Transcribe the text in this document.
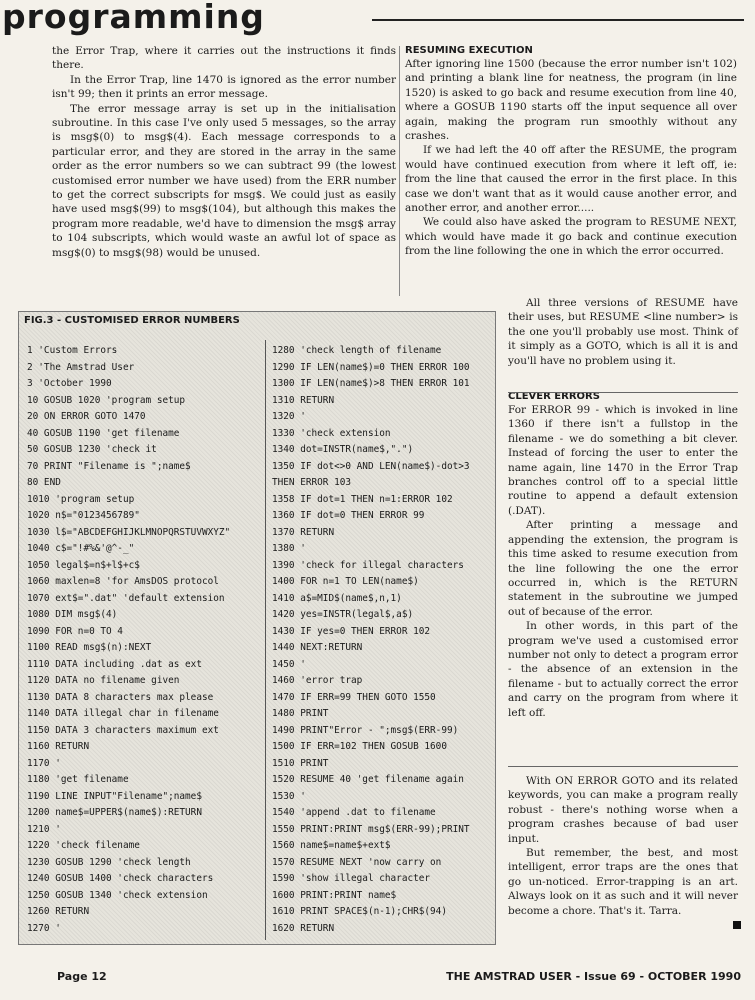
programming

the Error Trap, where it carries out the instructions it finds there.

In the Error Trap, line 1470 is ignored as the error number isn't 99; then it prints an error message.

The error message array is set up in the initialisation subroutine. In this case I've only used 5 messages, so the array is msg$(0) to msg$(4). Each message corresponds to a particular error, and they are stored in the array in the same order as the error numbers so we can subtract 99 (the lowest customised error number we have used) from the ERR number to get the correct subscripts for msg$. We could just as easily have used msg$(99) to msg$(104), but although this makes the program more readable, we'd have to dimension the msg$ array to 104 subscripts, which would waste an awful lot of space as msg$(0) to msg$(98) would be unused.

RESUMING EXECUTION

After ignoring line 1500 (because the error number isn't 102) and printing a blank line for neatness, the program (in line 1520) is asked to go back and resume execution from line 40, where a GOSUB 1190 starts off the input sequence all over again, making the program run smoothly without any crashes.

If we had left the 40 off after the RESUME, the program would have continued execution from where it left off, ie: from the line that caused the error in the first place. In this case we don't want that as it would cause another error, and another error, and another error.....

We could also have asked the program to RESUME NEXT, which would have made it go back and continue execution from the line following the one in which the error occurred.

All three versions of RESUME have their uses, but RESUME <line number> is the one you'll probably use most. Think of it simply as a GOTO, which is all it is and you'll have no problem using it.

CLEVER ERRORS

For ERROR 99 - which is invoked in line 1360 if there isn't a fullstop in the filename - we do something a bit clever. Instead of forcing the user to enter the name again, line 1470 in the Error Trap branches control off to a special little routine to append a default extension (.DAT).

After printing a message and appending the extension, the program is this time asked to resume execution from the line following the one the error occurred in, which is the RETURN statement in the subroutine we jumped out of because of the error.

In other words, in this part of the program we've used a customised error number not only to detect a program error - the absence of an extension in the filename - but to actually correct the error and carry on the program from where it left off.

With ON ERROR GOTO and its related keywords, you can make a program really robust - there's nothing worse when a program crashes because of bad user input.

But remember, the best, and most intelligent, error traps are the ones that go un-noticed. Error-trapping is an art. Always look on it as such and it will never become a chore. That's it. Tarra.

FIG.3 - CUSTOMISED ERROR NUMBERS
1 'Custom Errors
2 'The Amstrad User
3 'October 1990
10 GOSUB 1020 'program setup
20 ON ERROR GOTO 1470
40 GOSUB 1190 'get filename
50 GOSUB 1230 'check it
70 PRINT "Filename is ";name$
80 END
1010 'program setup
1020 n$="0123456789"
1030 l$="ABCDEFGHIJKLMNOPQRSTUVWXYZ"
1040 c$="!#%&'@^-_"
1050 legal$=n$+l$+c$
1060 maxlen=8 'for AmsDOS protocol
1070 ext$=".dat" 'default extension
1080 DIM msg$(4)
1090 FOR n=0 TO 4
1100 READ msg$(n):NEXT
1110 DATA including .dat as ext
1120 DATA no filename given
1130 DATA 8 characters max please
1140 DATA illegal char in filename
1150 DATA 3 characters maximum ext
1160 RETURN
1170 '
1180 'get filename
1190 LINE INPUT"Filename";name$
1200 name$=UPPER$(name$):RETURN
1210 '
1220 'check filename
1230 GOSUB 1290 'check length
1240 GOSUB 1400 'check characters
1250 GOSUB 1340 'check extension
1260 RETURN
1270 '
1280 'check length of filename
1290 IF LEN(name$)=0 THEN ERROR 100
1300 IF LEN(name$)>8 THEN ERROR 101
1310 RETURN
1320 '
1330 'check extension
1340 dot=INSTR(name$,".")
1350 IF dot<>0 AND LEN(name$)-dot>3
THEN ERROR 103
1358 IF dot=1 THEN n=1:ERROR 102
1360 IF dot=0 THEN ERROR 99
1370 RETURN
1380 '
1390 'check for illegal characters
1400 FOR n=1 TO LEN(name$)
1410 a$=MID$(name$,n,1)
1420 yes=INSTR(legal$,a$)
1430 IF yes=0 THEN ERROR 102
1440 NEXT:RETURN
1450 '
1460 'error trap
1470 IF ERR=99 THEN GOTO 1550
1480 PRINT
1490 PRINT"Error - ";msg$(ERR-99)
1500 IF ERR=102 THEN GOSUB 1600
1510 PRINT
1520 RESUME 40 'get filename again
1530 '
1540 'append .dat to filename
1550 PRINT:PRINT msg$(ERR-99);PRINT
1560 name$=name$+ext$
1570 RESUME NEXT 'now carry on
1590 'show illegal character
1600 PRINT:PRINT name$
1610 PRINT SPACE$(n-1);CHR$(94)
1620 RETURN

Page 12	THE AMSTRAD USER - Issue 69 - OCTOBER 1990
